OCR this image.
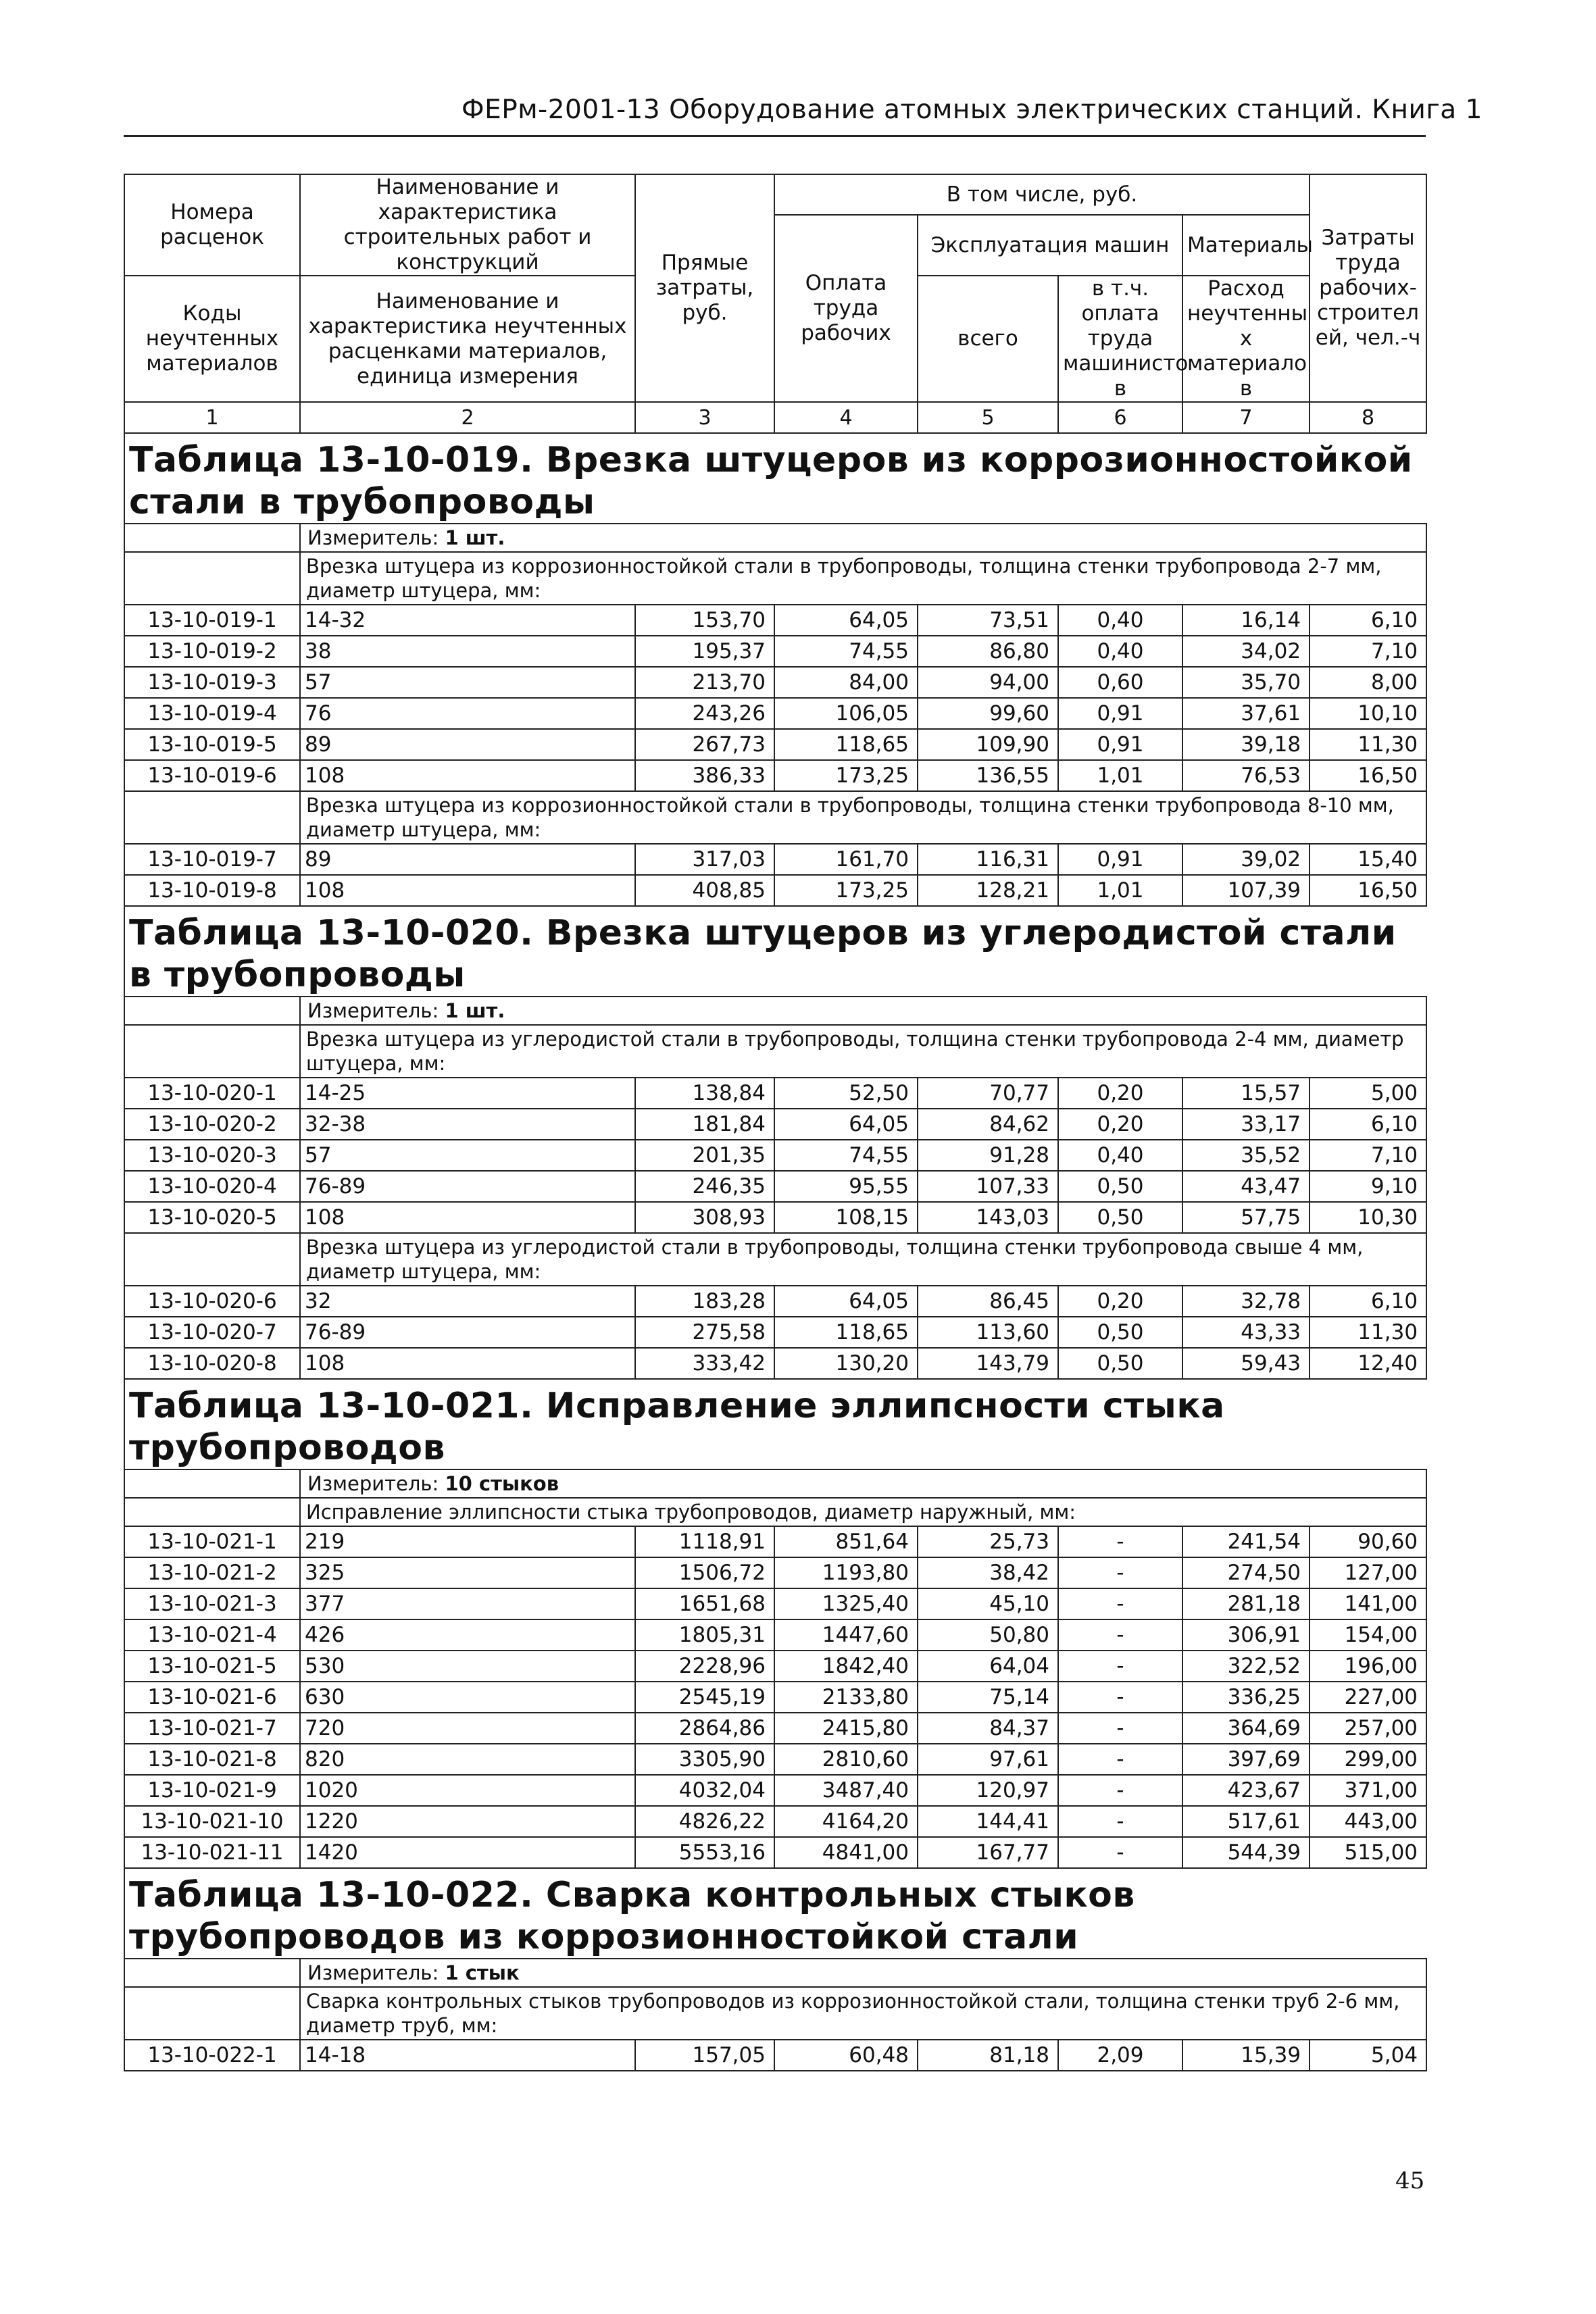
ФЕРм-2001-13 Оборудование атомных электрических станций. Книга 1
Номера расценок	Наименование и характеристика строительных работ и конструкций	Прямые затраты, руб.	В том числе, руб.				Затраты труда рабочих-строител ей, чел.-ч
			Оплата труда рабочих	Эксплуатация машин		Материалы	
Коды неучтенных материалов	Наименование и характеристика неучтенных расценками материалов, единица измерения			всего	в т.ч. оплата труда машинисто в	Расход неучтенны х материало в	

1	2	3	4	5	6	7	8
Таблица 13-10-019. Врезка штуцеров из коррозионностойкой стали в трубопроводы							
	Измеритель: 1 шт.						
	Врезка штуцера из коррозионностойкой стали в трубопроводы, толщина стенки трубопровода 2-7 мм, диаметр штуцера, мм:						
13-10-019-1	14-32	153,70	64,05	73,51	0,40	16,14	6,10
13-10-019-2	38	195,37	74,55	86,80	0,40	34,02	7,10
13-10-019-3	57	213,70	84,00	94,00	0,60	35,70	8,00
13-10-019-4	76	243,26	106,05	99,60	0,91	37,61	10,10
13-10-019-5	89	267,73	118,65	109,90	0,91	39,18	11,30
13-10-019-6	108	386,33	173,25	136,55	1,01	76,53	16,50
	Врезка штуцера из коррозионностойкой стали в трубопроводы, толщина стенки трубопровода 8-10 мм, диаметр штуцера, мм:						
13-10-019-7	89	317,03	161,70	116,31	0,91	39,02	15,40
13-10-019-8	108	408,85	173,25	128,21	1,01	107,39	16,50
Таблица 13-10-020. Врезка штуцеров из углеродистой стали в трубопроводы							
	Измеритель: 1 шт.						
	Врезка штуцера из углеродистой стали в трубопроводы, толщина стенки трубопровода 2-4 мм, диаметр штуцера, мм:						
13-10-020-1	14-25	138,84	52,50	70,77	0,20	15,57	5,00
13-10-020-2	32-38	181,84	64,05	84,62	0,20	33,17	6,10
13-10-020-3	57	201,35	74,55	91,28	0,40	35,52	7,10
13-10-020-4	76-89	246,35	95,55	107,33	0,50	43,47	9,10
13-10-020-5	108	308,93	108,15	143,03	0,50	57,75	10,30
	Врезка штуцера из углеродистой стали в трубопроводы, толщина стенки трубопровода свыше 4 мм, диаметр штуцера, мм:						
13-10-020-6	32	183,28	64,05	86,45	0,20	32,78	6,10
13-10-020-7	76-89	275,58	118,65	113,60	0,50	43,33	11,30
13-10-020-8	108	333,42	130,20	143,79	0,50	59,43	12,40
Таблица 13-10-021. Исправление эллипсности стыка трубопроводов							
	Измеритель: 10 стыков						
	Исправление эллипсности стыка трубопроводов, диаметр наружный, мм:						
13-10-021-1	219	1118,91	851,64	25,73	-	241,54	90,60
13-10-021-2	325	1506,72	1193,80	38,42	-	274,50	127,00
13-10-021-3	377	1651,68	1325,40	45,10	-	281,18	141,00
13-10-021-4	426	1805,31	1447,60	50,80	-	306,91	154,00
13-10-021-5	530	2228,96	1842,40	64,04	-	322,52	196,00
13-10-021-6	630	2545,19	2133,80	75,14	-	336,25	227,00
13-10-021-7	720	2864,86	2415,80	84,37	-	364,69	257,00
13-10-021-8	820	3305,90	2810,60	97,61	-	397,69	299,00
13-10-021-9	1020	4032,04	3487,40	120,97	-	423,67	371,00
13-10-021-10	1220	4826,22	4164,20	144,41	-	517,61	443,00
13-10-021-11	1420	5553,16	4841,00	167,77	-	544,39	515,00
Таблица 13-10-022. Сварка контрольных стыков трубопроводов из коррозионностойкой стали							
	Измеритель: 1 стык						
	Сварка контрольных стыков трубопроводов из коррозионностойкой стали, толщина стенки труб 2-6 мм, диаметр труб, мм:						
13-10-022-1	14-18	157,05	60,48	81,18	2,09	15,39	5,04
45
